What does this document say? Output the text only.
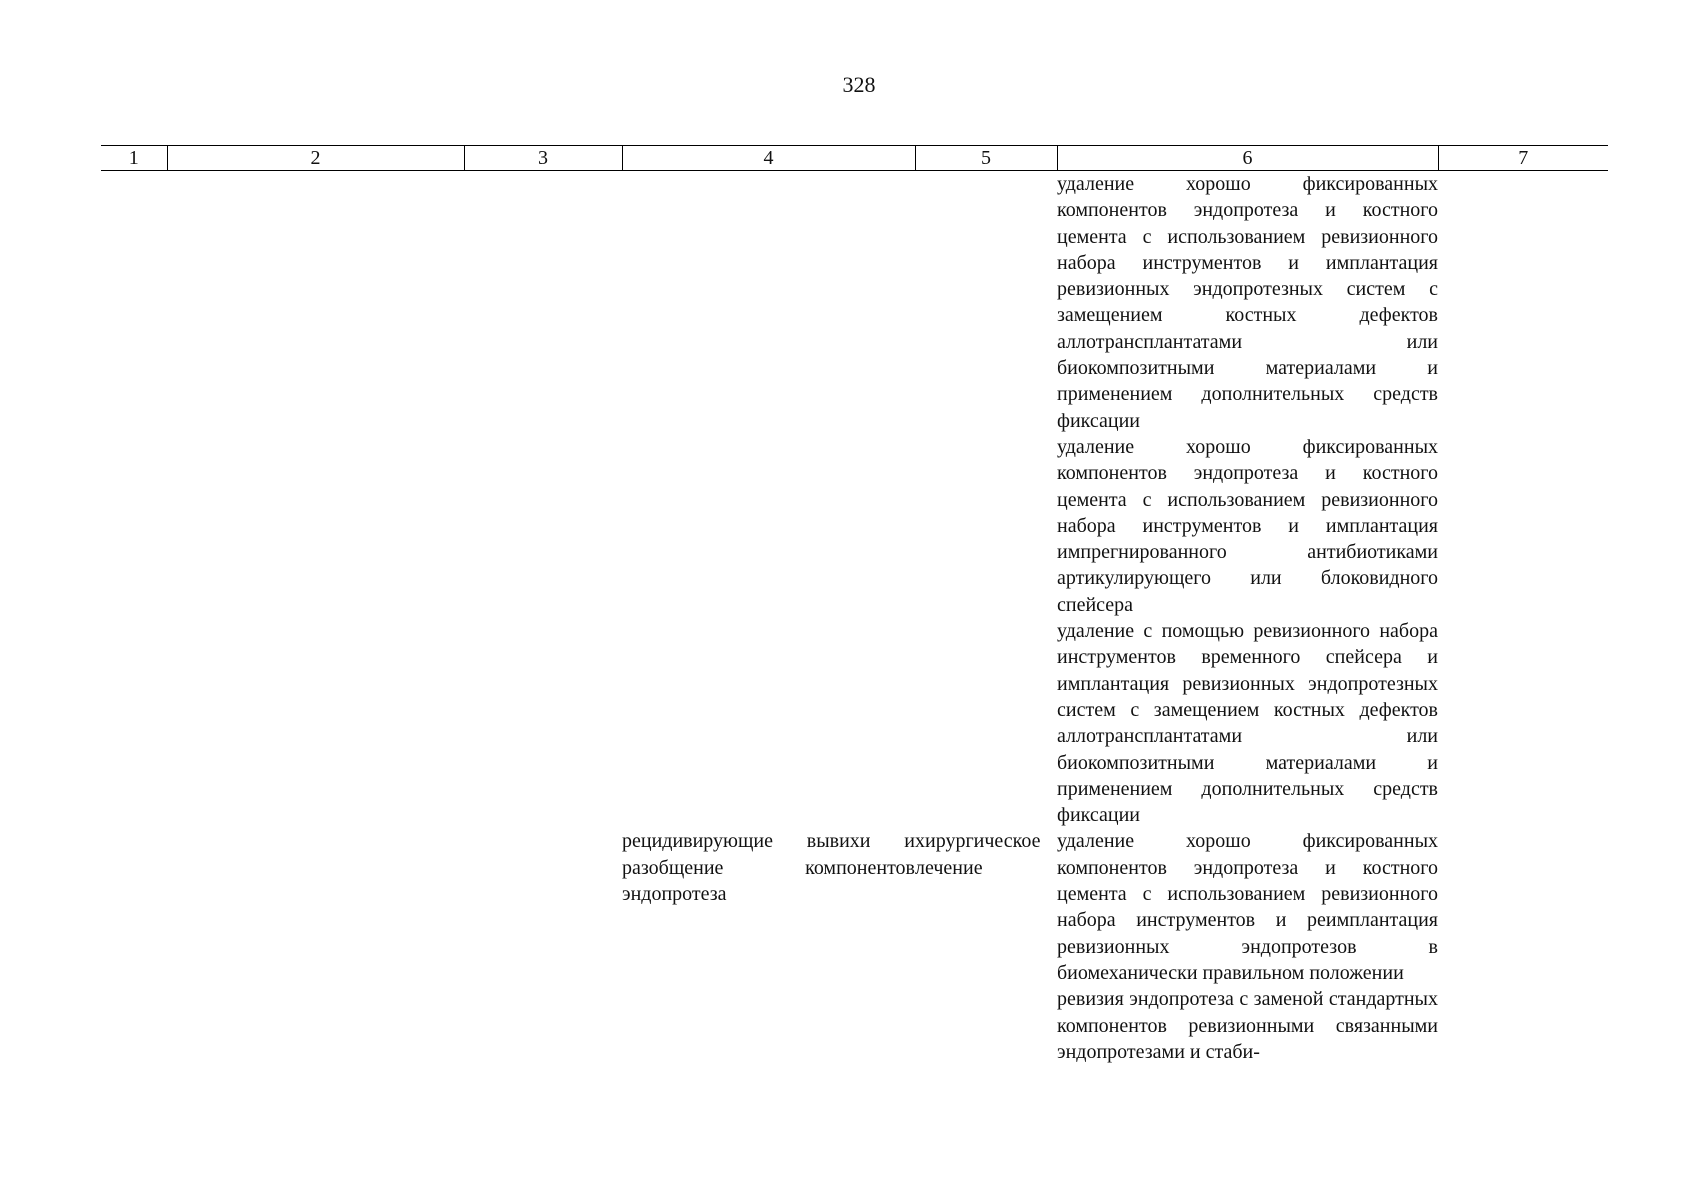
328
1	2	3	4	5	6	7

					удаление хорошо фиксированных компонентов эндопротеза и костного цемента с использованием ревизионного набора инструментов и имплантация ревизионных эндопротезных систем с замещением костных дефектов аллотрансплантатами или биокомпозитными материалами и применением дополнительных средств фиксации	

					удаление хорошо фиксированных компонентов эндопротеза и костного цемента с использованием ревизионного набора инструментов и имплантация импрегнированного антибиотиками артикулирующего или блоковидного спейсера	

					удаление с помощью ревизионного набора инструментов временного спейсера и имплантация ревизионных эндопротезных систем с замещением костных дефектов аллотрансплантатами или биокомпозитными материалами и применением дополнительных средств фиксации	

			рецидивирующие вывихи и разобщение компонентов эндопротеза	хирургическое лечение	удаление хорошо фиксированных компонентов эндопротеза и костного цемента с использованием ревизионного набора инструментов и реимплантация ревизионных эндопротезов в биомеханически правильном положении	

					ревизия эндопротеза с заменой стандартных компонентов ревизионными связанными эндопротезами и стаби-	
